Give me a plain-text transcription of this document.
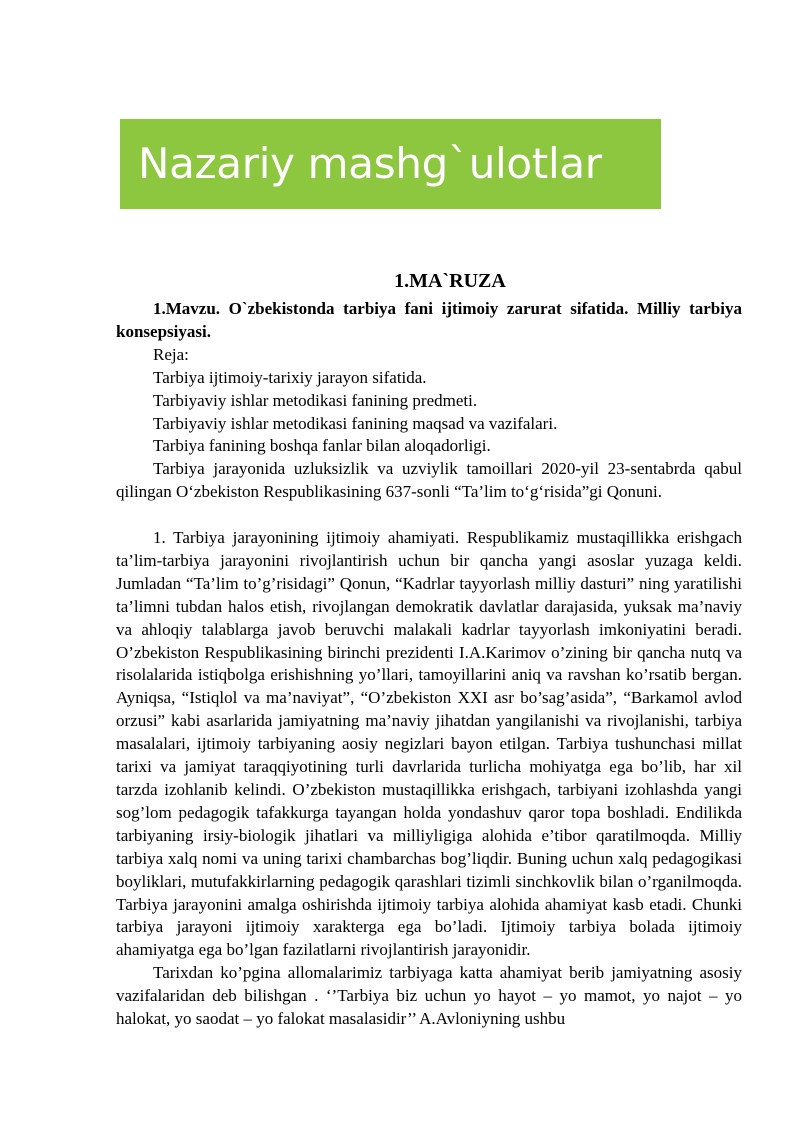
Nazariy mashg`ulotlar

1.MA`RUZA

1.Mavzu. O`zbekistonda tarbiya fani ijtimoiy zarurat sifatida. Milliy tarbiya konsepsiyasi.

Reja:

Tarbiya ijtimoiy-tarixiy jarayon sifatida.

Tarbiyaviy ishlar metodikasi fanining predmeti.

Tarbiyaviy ishlar metodikasi fanining maqsad va vazifalari.

Tarbiya fanining boshqa fanlar bilan aloqadorligi.

Tarbiya jarayonida uzluksizlik va uzviylik tamoillari 2020-yil 23-sentabrda qabul qilingan O‘zbekiston Respublikasining 637-sonli “Ta’lim to‘g‘risida”gi Qonuni.

1. Tarbiya jarayonining ijtimoiy ahamiyati. Respublikamiz mustaqillikka erishgach ta’lim-tarbiya jarayonini rivojlantirish uchun bir qancha yangi asoslar yuzaga keldi. Jumladan “Ta’lim to’g’risidagi” Qonun, “Kadrlar tayyorlash milliy dasturi” ning yaratilishi ta’limni tubdan halos etish, rivojlangan demokratik davlatlar darajasida, yuksak ma’naviy va ahloqiy talablarga javob beruvchi malakali kadrlar tayyorlash imkoniyatini beradi. O’zbekiston Respublikasining birinchi prezidenti I.A.Karimov o’zining bir qancha nutq va risolalarida istiqbolga erishishning yo’llari, tamoyillarini aniq va ravshan ko’rsatib bergan. Ayniqsa, “Istiqlol va ma’naviyat”, “O’zbekiston XXI asr bo’sag’asida”, “Barkamol avlod orzusi” kabi asarlarida jamiyatning ma’naviy jihatdan yangilanishi va rivojlanishi, tarbiya masalalari, ijtimoiy tarbiyaning aosiy negizlari bayon etilgan. Tarbiya tushunchasi millat tarixi va jamiyat taraqqiyotining turli davrlarida turlicha mohiyatga ega bo’lib, har xil tarzda izohlanib kelindi. O’zbekiston mustaqillikka erishgach, tarbiyani izohlashda yangi sog’lom pedagogik tafakkurga tayangan holda yondashuv qaror topa boshladi. Endilikda tarbiyaning irsiy-biologik jihatlari va milliyligiga alohida e’tibor qaratilmoqda. Milliy tarbiya xalq nomi va uning tarixi chambarchas bog’liqdir. Buning uchun xalq pedagogikasi boyliklari, mutufakkirlarning pedagogik qarashlari tizimli sinchkovlik bilan o’rganilmoqda. Tarbiya jarayonini amalga oshirishda ijtimoiy tarbiya alohida ahamiyat kasb etadi. Chunki tarbiya jarayoni ijtimoiy xarakterga ega bo’ladi. Ijtimoiy tarbiya bolada ijtimoiy ahamiyatga ega bo’lgan fazilatlarni rivojlantirish jarayonidir.

Tarixdan ko’pgina allomalarimiz tarbiyaga katta ahamiyat berib jamiyatning asosiy vazifalaridan deb bilishgan . ‘’Tarbiya biz uchun yo hayot – yo mamot, yo najot – yo halokat, yo saodat – yo falokat masalasidir’’ A.Avloniyning ushbu
